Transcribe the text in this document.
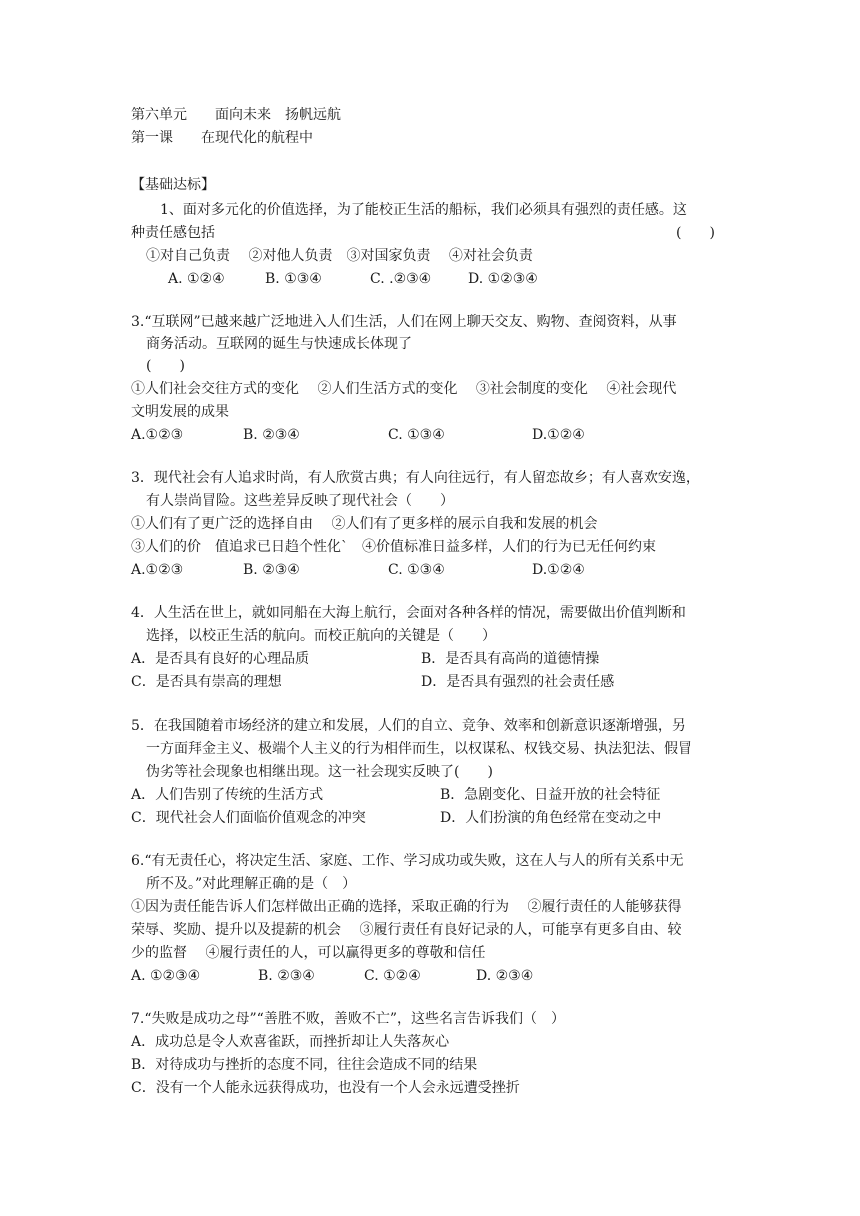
第六单元　　面向未来　扬帆远航
第一课　　在现代化的航程中
【基础达标】
1、面对多元化的价值选择，为了能校正生活的船标，我们必须具有强烈的责任感。这
种责任感包括	(　　)
①对自己负责　 ②对他人负责　③对国家负责　 ④对社会负责
A. ①②④	B. ①③④	C. .②③④	D. ①②③④
3.“互联网”已越来越广泛地进入人们生活，人们在网上聊天交友、购物、查阅资料，从事
商务活动。互联网的诞生与快速成长体现了
(　　)
①人们社会交往方式的变化　 ②人们生活方式的变化　 ③社会制度的变化　 ④社会现代
文明发展的成果
A.①②③	B. ②③④	C. ①③④	D.①②④
3．现代社会有人追求时尚，有人欣赏古典；有人向往远行，有人留恋故乡；有人喜欢安逸，
有人崇尚冒险。这些差异反映了现代社会（　　）
①人们有了更广泛的选择自由　 ②人们有了更多样的展示自我和发展的机会
③人们的价　值追求已日趋个性化`　④价值标准日益多样，人们的行为已无任何约束
A.①②③	B. ②③④	C. ①③④	D.①②④
4．人生活在世上，就如同船在大海上航行，会面对各种各样的情况，需要做出价值判断和
选择，以校正生活的航向。而校正航向的关键是（　　）
A．是否具有良好的心理品质	B．是否具有高尚的道德情操
C．是否具有崇高的理想	D．是否具有强烈的社会责任感
5．在我国随着市场经济的建立和发展，人们的自立、竞争、效率和创新意识逐渐增强，另
一方面拜金主义、极端个人主义的行为相伴而生，以权谋私、权钱交易、执法犯法、假冒
伪劣等社会现象也相继出现。这一社会现实反映了(　　)
A．人们告别了传统的生活方式	B．急剧变化、日益开放的社会特征
C．现代社会人们面临价值观念的冲突	D．人们扮演的角色经常在变动之中
6.“有无责任心，将决定生活、家庭、工作、学习成功或失败，这在人与人的所有关系中无
所不及。”对此理解正确的是（　）
①因为责任能告诉人们怎样做出正确的选择，采取正确的行为　 ②履行责任的人能够获得
荣辱、奖励、提升以及提薪的机会　 ③履行责任有良好记录的人，可能享有更多自由、较
少的监督　 ④履行责任的人，可以赢得更多的尊敬和信任
A. ①②③④	B. ②③④	C. ①②④	D. ②③④
7.“失败是成功之母”“善胜不败，善败不亡”，这些名言告诉我们（　）
A．成功总是令人欢喜雀跃，而挫折却让人失落灰心
B．对待成功与挫折的态度不同，往往会造成不同的结果
C．没有一个人能永远获得成功，也没有一个人会永远遭受挫折
